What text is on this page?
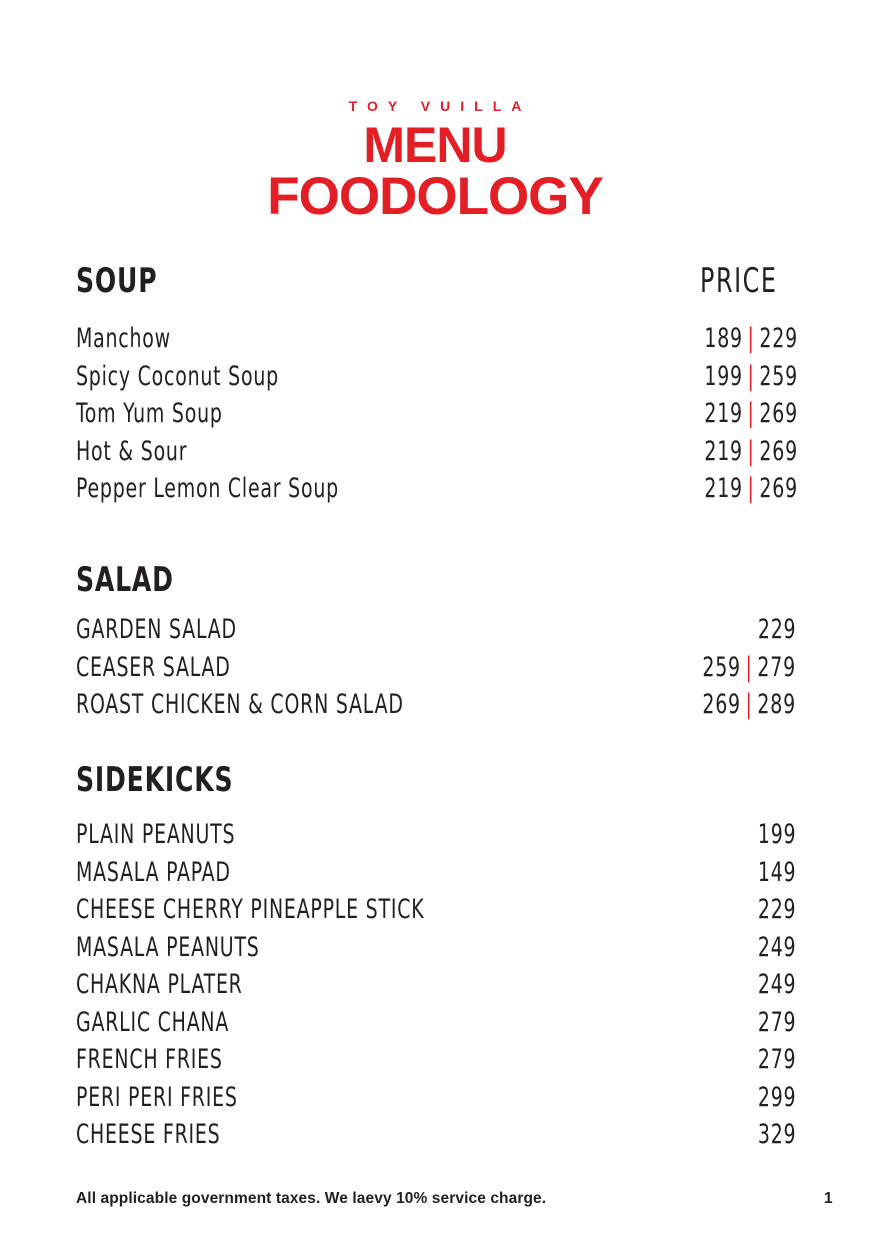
TOY VUILLA
MENU
FOODOLOGY
SOUP	PRICE
Manchow	189 | 229
Spicy Coconut Soup	199 | 259
Tom Yum Soup	219 | 269
Hot & Sour	219 | 269
Pepper Lemon Clear Soup	219 | 269
SALAD
GARDEN SALAD	229
CEASER SALAD	259 | 279
ROAST CHICKEN & CORN SALAD	269 | 289
SIDEKICKS
PLAIN PEANUTS	199
MASALA PAPAD	149
CHEESE CHERRY PINEAPPLE STICK	229
MASALA PEANUTS	249
CHAKNA PLATER	249
GARLIC CHANA	279
FRENCH FRIES	279
PERI PERI FRIES	299
CHEESE FRIES	329
All applicable government taxes. We laevy 10% service charge.	1
